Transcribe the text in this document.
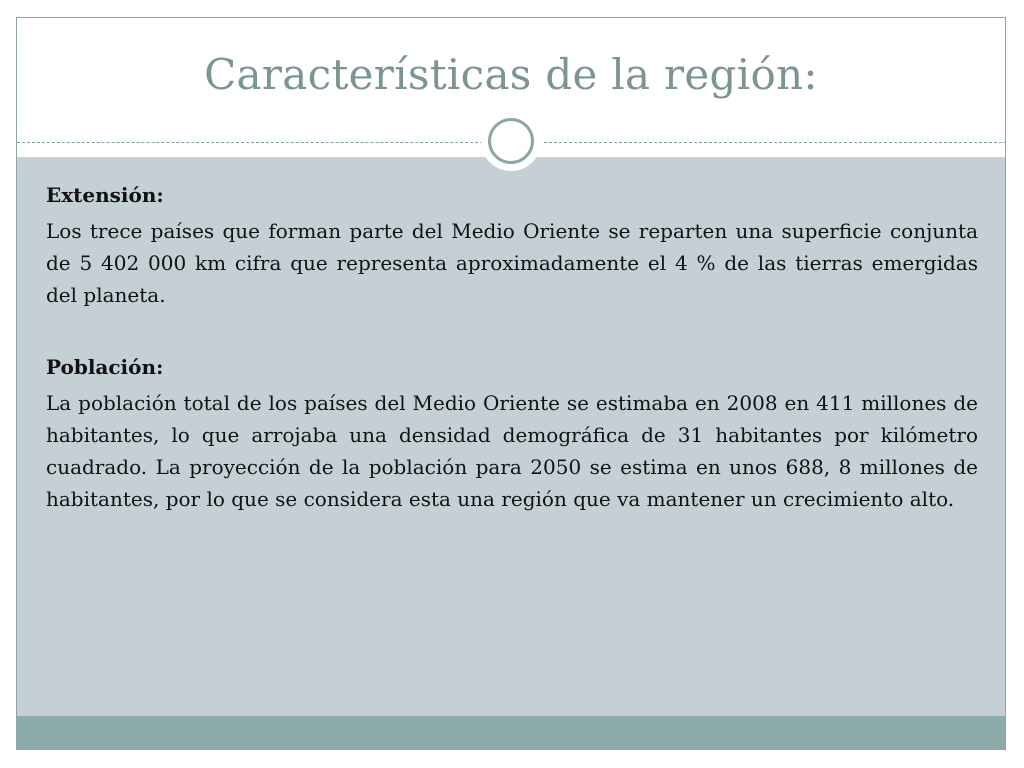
Características de la región:

Extensión:

Los trece países que forman parte del Medio Oriente se reparten una superficie conjunta de 5 402 000 km cifra que representa aproximadamente el 4 % de las tierras emergidas del planeta.

Población:

La población total de los países del Medio Oriente se estimaba en 2008 en 411 millones de habitantes, lo que arrojaba una densidad demográfica de 31 habitantes por kilómetro cuadrado. La proyección de la población para 2050 se estima en unos 688, 8 millones de habitantes, por lo que se considera esta una región que va mantener un crecimiento alto.
